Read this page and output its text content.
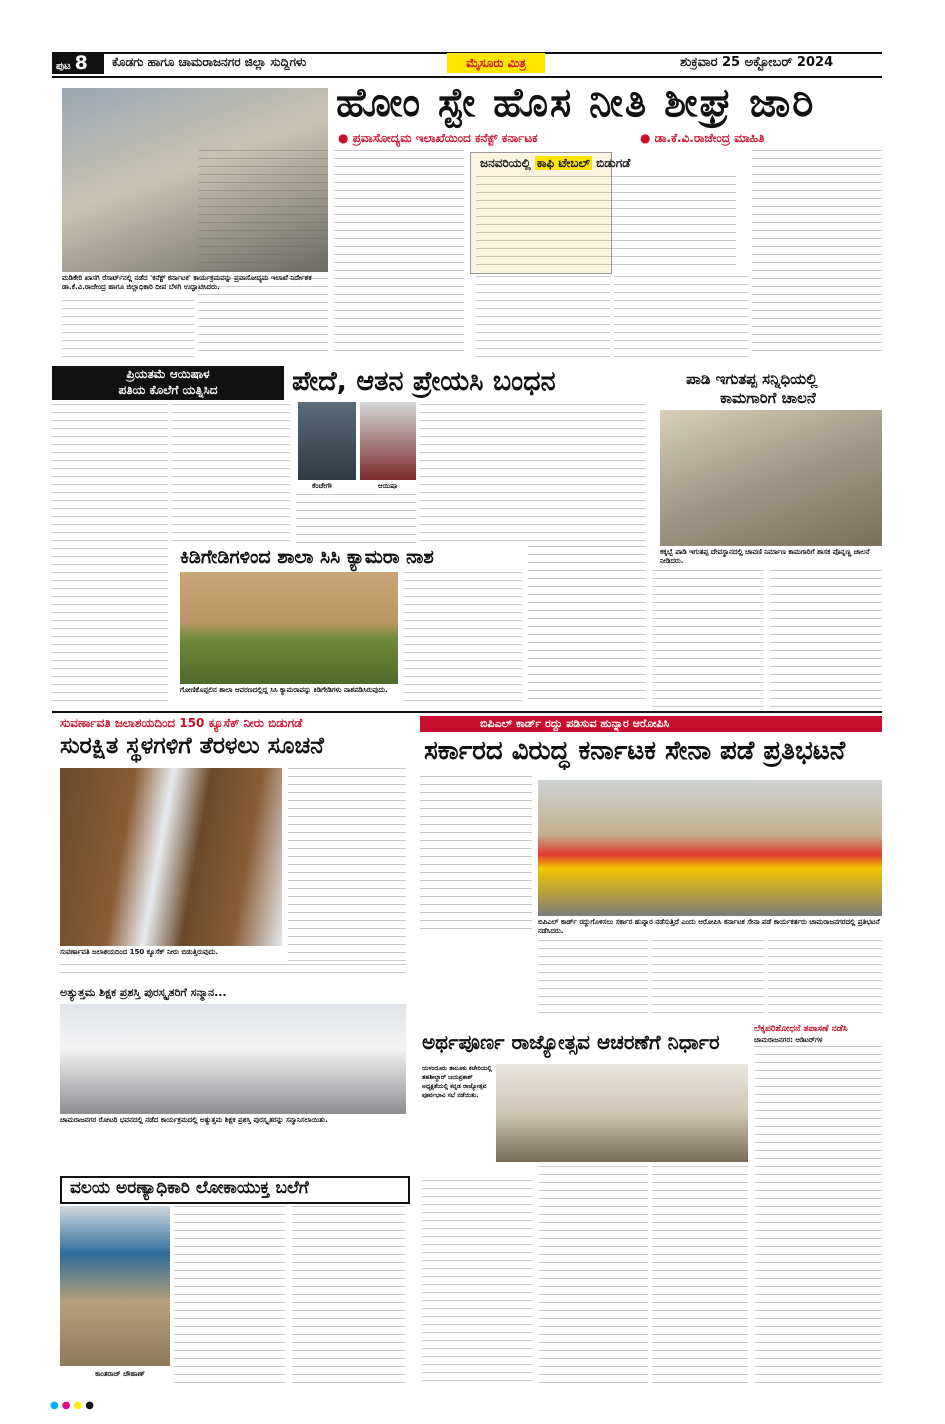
ಪುಟ 8	ಕೊಡಗು ಹಾಗೂ ಚಾಮರಾಜನಗರ ಜಿಲ್ಲಾ ಸುದ್ದಿಗಳು	ಮೈಸೂರು ಮಿತ್ರ	ಶುಕ್ರವಾರ 25 ಅಕ್ಟೋಬರ್ 2024
ಮಡಿಕೇರಿ ಖಾಸಗಿ ರೆಸಾರ್ಟ್‌ನಲ್ಲಿ ನಡೆದ 'ಕನೆಕ್ಟ್ ಕರ್ನಾಟಕ' ಕಾರ್ಯಕ್ರಮವನ್ನು ಪ್ರವಾಸೋದ್ಯಮ ಇಲಾಖೆ ನಿರ್ದೇಶಕ ಡಾ.ಕೆ.ವಿ.ರಾಜೇಂದ್ರ ಹಾಗೂ ಜಿಲ್ಲಾಧಿಕಾರಿ ದೀಪ ಬೆಳಗಿ ಉದ್ಘಾಟಿಸಿದರು.
ಹೋಂ ಸ್ಟೇ ಹೊಸ ನೀತಿ ಶೀಘ್ರ ಜಾರಿ
● ಪ್ರವಾಸೋದ್ಯಮ ಇಲಾಖೆಯಿಂದ ಕನೆಕ್ಟ್ ಕರ್ನಾಟಕ	● ಡಾ.ಕೆ.ವಿ.ರಾಜೇಂದ್ರ ಮಾಹಿತಿ
ಜನವರಿಯಲ್ಲಿ ಕಾಫಿ ಟೇಬಲ್ ಬಿಡುಗಡೆ
ಪ್ರಿಯತಮೆ ಆಯಿಷಾಳ
ಪತಿಯ ಕೊಲೆಗೆ ಯತ್ನಿಸಿದ	ಪೇದೆ, ಆತನ ಪ್ರೇಯಸಿ ಬಂಧನ
ಕೆಂಚೇಗೌ	ಆಯಿಷಾ
ಪಾಡಿ ಇಗುತಪ್ಪ ಸನ್ನಿಧಿಯಲ್ಲಿ
ಕಾಮಗಾರಿಗೆ ಚಾಲನೆ
ಕಕ್ಕಬ್ಬೆ ಪಾಡಿ ಇಗುತಪ್ಪ ದೇವಸ್ಥಾನದಲ್ಲಿ ಚಾವಣಿ ನಿರ್ಮಾಣ ಕಾಮಗಾರಿಗೆ ಶಾಸಕ ಪೊನ್ನಣ್ಣ ಚಾಲನೆ ನೀಡಿದರು.
ಕಿಡಿಗೇಡಿಗಳಿಂದ ಶಾಲಾ ಸಿಸಿ ಕ್ಯಾಮರಾ ನಾಶ
ಗೋಣಿಕೊಪ್ಪಲಿನ ಶಾಲಾ ಆವರಣದಲ್ಲಿದ್ದ ಸಿಸಿ ಕ್ಯಾಮರಾವನ್ನು ಕಿಡಿಗೇಡಿಗಳು ನಾಶಪಡಿಸಿರುವುದು.
ಸುವರ್ಣಾವತಿ ಜಲಾಶಯದಿಂದ 150 ಕ್ಯೂಸೆಕ್ ನೀರು ಬಿಡುಗಡೆ
ಸುರಕ್ಷಿತ ಸ್ಥಳಗಳಿಗೆ ತೆರಳಲು ಸೂಚನೆ
ಸುವರ್ಣಾವತಿ ಜಲಾಶಯದಿಂದ 150 ಕ್ಯೂಸೆಕ್ ನೀರು ಬಿಡುತ್ತಿರುವುದು.
ಅತ್ಯುತ್ತಮ ಶಿಕ್ಷಕ ಪ್ರಶಸ್ತಿ ಪುರಸ್ಕೃತರಿಗೆ ಸನ್ಮಾನ...
ಚಾಮರಾಜನಗರ ರೋಟರಿ ಭವನದಲ್ಲಿ ನಡೆದ ಕಾರ್ಯಕ್ರಮದಲ್ಲಿ ಅತ್ಯುತ್ತಮ ಶಿಕ್ಷಕ ಪ್ರಶಸ್ತಿ ಪುರಸ್ಕೃತರನ್ನು ಸನ್ಮಾನಿಸಲಾಯಿತು.
ಬಿಪಿಎಲ್ ಕಾರ್ಡ್ ರದ್ದು ಪಡಿಸುವ ಹುನ್ನಾರ ಆರೋಪಿಸಿ
ಸರ್ಕಾರದ ವಿರುದ್ಧ ಕರ್ನಾಟಕ ಸೇನಾ ಪಡೆ ಪ್ರತಿಭಟನೆ
ಬಿಪಿಎಲ್ ಕಾರ್ಡ್ ರದ್ದುಗೊಳಿಸಲು ಸರ್ಕಾರ ಹುನ್ನಾರ ನಡೆಸುತ್ತಿದೆ ಎಂದು ಆರೋಪಿಸಿ ಕರ್ನಾಟಕ ಸೇನಾ ಪಡೆ ಕಾರ್ಯಕರ್ತರು ಚಾಮರಾಜನಗರದಲ್ಲಿ ಪ್ರತಿಭಟನೆ ನಡೆಸಿದರು.
ಅರ್ಥಪೂರ್ಣ ರಾಜ್ಯೋತ್ಸವ ಆಚರಣೆಗೆ ನಿರ್ಧಾರ
ಯಳಂದೂರು ತಾಲೂಕು ಕಚೇರಿಯಲ್ಲಿ ತಹಶೀಲ್ದಾರ್ ಜಯಪ್ರಕಾಶ್ ಅಧ್ಯಕ್ಷತೆಯಲ್ಲಿ ಕನ್ನಡ ರಾಜ್ಯೋತ್ಸವ ಪೂರ್ವಭಾವಿ ಸಭೆ ನಡೆಯಿತು.
ಲೆಕ್ಕಪರಿಶೋಧನೆ ತಪಾಸಣೆ ನಡೆಸಿ
ಚಾಮರಾಜನಗರ: ಆಡಿಟರ್‌ಗಳ
ವಲಯ ಅರಣ್ಯಾಧಿಕಾರಿ ಲೋಕಾಯುಕ್ತ ಬಲೆಗೆ
ಕಾಂತರಾಜ್ ಚೌಹಾಣ್
●●●●
